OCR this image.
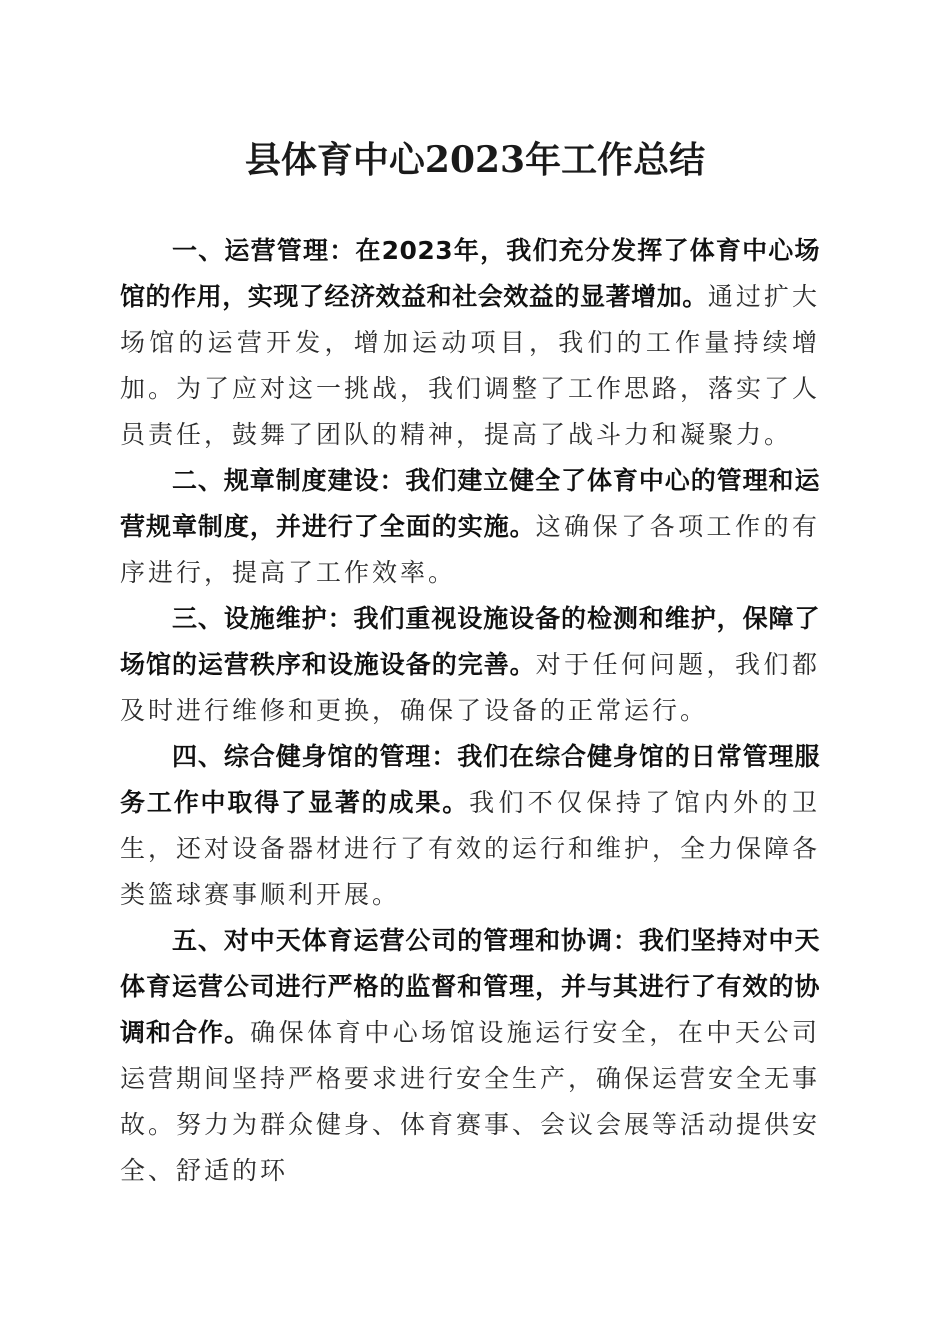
县体育中心2023年工作总结

一、运营管理：在2023年，我们充分发挥了体育中心场馆的作用，实现了经济效益和社会效益的显著增加。通过扩大场馆的运营开发，增加运动项目，我们的工作量持续增加。为了应对这一挑战，我们调整了工作思路，落实了人员责任，鼓舞了团队的精神，提高了战斗力和凝聚力。

二、规章制度建设：我们建立健全了体育中心的管理和运营规章制度，并进行了全面的实施。这确保了各项工作的有序进行，提高了工作效率。

三、设施维护：我们重视设施设备的检测和维护，保障了场馆的运营秩序和设施设备的完善。对于任何问题，我们都及时进行维修和更换，确保了设备的正常运行。

四、综合健身馆的管理：我们在综合健身馆的日常管理服务工作中取得了显著的成果。我们不仅保持了馆内外的卫生，还对设备器材进行了有效的运行和维护，全力保障各类篮球赛事顺利开展。

五、对中天体育运营公司的管理和协调：我们坚持对中天体育运营公司进行严格的监督和管理，并与其进行了有效的协调和合作。确保体育中心场馆设施运行安全，在中天公司运营期间坚持严格要求进行安全生产，确保运营安全无事故。努力为群众健身、体育赛事、会议会展等活动提供安全、舒适的环
